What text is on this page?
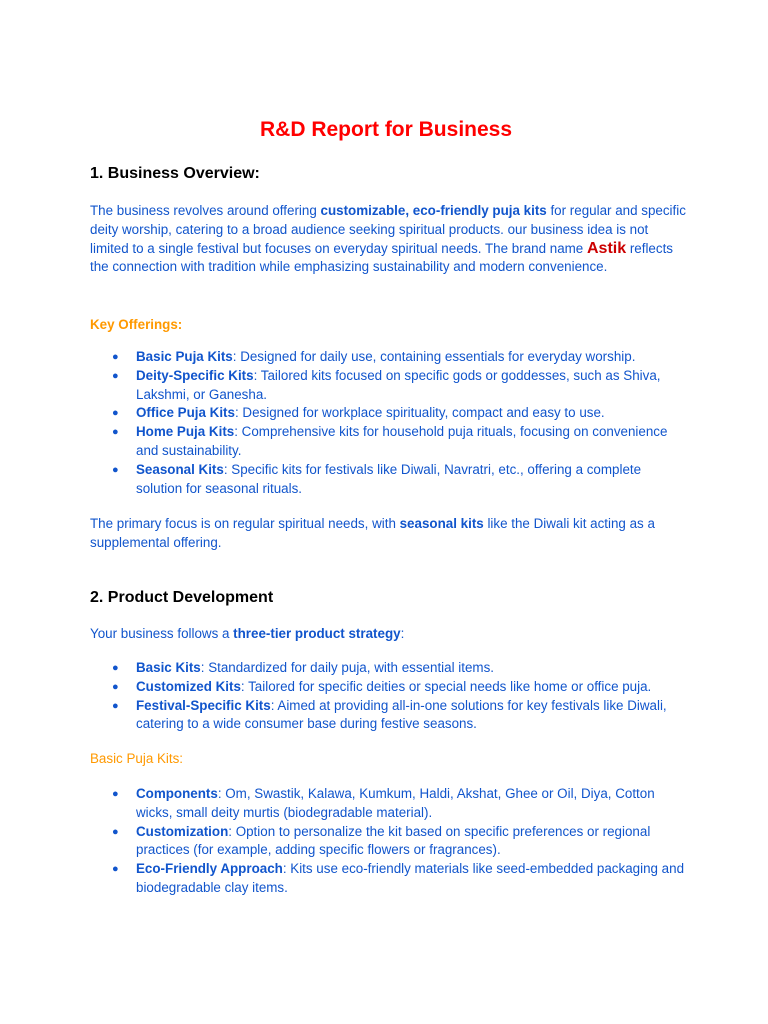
R&D Report for Business
1. Business Overview:

The business revolves around offering customizable, eco-friendly puja kits for regular and specific deity worship, catering to a broad audience seeking spiritual products. our business idea is not limited to a single festival but focuses on everyday spiritual needs. The brand name Astik reflects the connection with tradition while emphasizing sustainability and modern convenience.

Key Offerings:

● Basic Puja Kits: Designed for daily use, containing essentials for everyday worship.
● Deity-Specific Kits: Tailored kits focused on specific gods or goddesses, such as Shiva, Lakshmi, or Ganesha.
● Office Puja Kits: Designed for workplace spirituality, compact and easy to use.
● Home Puja Kits: Comprehensive kits for household puja rituals, focusing on convenience and sustainability.
● Seasonal Kits: Specific kits for festivals like Diwali, Navratri, etc., offering a complete solution for seasonal rituals.

The primary focus is on regular spiritual needs, with seasonal kits like the Diwali kit acting as a supplemental offering.

2. Product Development

Your business follows a three-tier product strategy:

● Basic Kits: Standardized for daily puja, with essential items.
● Customized Kits: Tailored for specific deities or special needs like home or office puja.
● Festival-Specific Kits: Aimed at providing all-in-one solutions for key festivals like Diwali, catering to a wide consumer base during festive seasons.

Basic Puja Kits:

● Components: Om, Swastik, Kalawa, Kumkum, Haldi, Akshat, Ghee or Oil, Diya, Cotton wicks, small deity murtis (biodegradable material).
● Customization: Option to personalize the kit based on specific preferences or regional practices (for example, adding specific flowers or fragrances).
● Eco-Friendly Approach: Kits use eco-friendly materials like seed-embedded packaging and biodegradable clay items.
